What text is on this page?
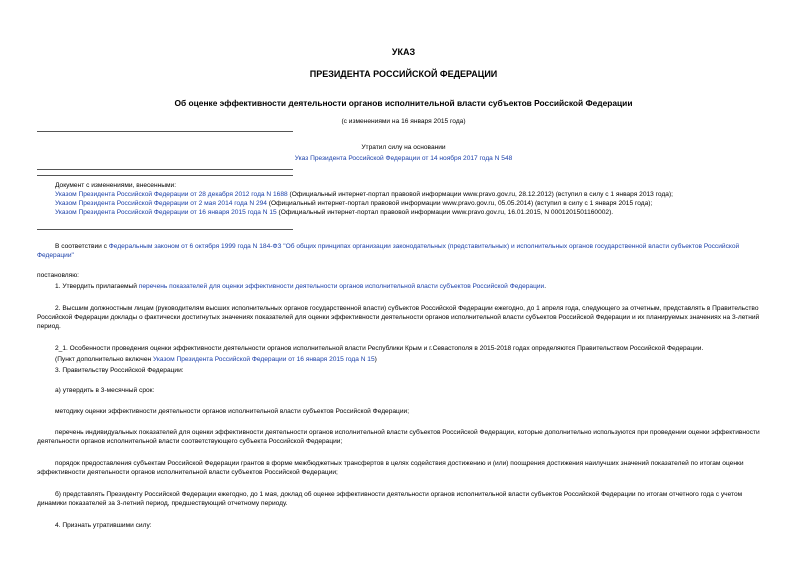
УКАЗ
ПРЕЗИДЕНТА РОССИЙСКОЙ ФЕДЕРАЦИИ
Об оценке эффективности деятельности органов исполнительной власти субъектов Российской Федерации
(с изменениями на 16 января 2015 года)
Утратил силу на основании
Указ Президента Российской Федерации от 14 ноября 2017 года N 548
Документ с изменениями, внесенными:
Указом Президента Российской Федерации от 28 декабря 2012 года N 1688 (Официальный интернет-портал правовой информации www.pravo.gov.ru, 28.12.2012) (вступил в силу с 1 января 2013 года);
Указом Президента Российской Федерации от 2 мая 2014 года N 294 (Официальный интернет-портал правовой информации www.pravo.gov.ru, 05.05.2014) (вступил в силу с 1 января 2015 года);
Указом Президента Российской Федерации от 16 января 2015 года N 15 (Официальный интернет-портал правовой информации www.pravo.gov.ru, 16.01.2015, N 0001201501160002).
В соответствии с Федеральным законом от 6 октября 1999 года N 184-ФЗ "Об общих принципах организации законодательных (представительных) и исполнительных органов государственной власти субъектов Российской Федерации"
постановляю:
1. Утвердить прилагаемый перечень показателей для оценки эффективности деятельности органов исполнительной власти субъектов Российской Федерации.
2. Высшим должностным лицам (руководителям высших исполнительных органов государственной власти) субъектов Российской Федерации ежегодно, до 1 апреля года, следующего за отчетным, представлять в Правительство Российской Федерации доклады о фактически достигнутых значениях показателей для оценки эффективности деятельности органов исполнительной власти субъектов Российской Федерации и их планируемых значениях на 3-летний период.
2_1. Особенности проведения оценки эффективности деятельности органов исполнительной власти Республики Крым и г.Севастополя в 2015-2018 годах определяются Правительством Российской Федерации.
(Пункт дополнительно включен Указом Президента Российской Федерации от 16 января 2015 года N 15)
3. Правительству Российской Федерации:
а) утвердить в 3-месячный срок:
методику оценки эффективности деятельности органов исполнительной власти субъектов Российской Федерации;
перечень индивидуальных показателей для оценки эффективности деятельности органов исполнительной власти субъектов Российской Федерации, которые дополнительно используются при проведении оценки эффективности деятельности органов исполнительной власти соответствующего субъекта Российской Федерации;
порядок предоставления субъектам Российской Федерации грантов в форме межбюджетных трансфертов в целях содействия достижению и (или) поощрения достижения наилучших значений показателей по итогам оценки эффективности деятельности органов исполнительной власти субъектов Российской Федерации;
б) представлять Президенту Российской Федерации ежегодно, до 1 мая, доклад об оценке эффективности деятельности органов исполнительной власти субъектов Российской Федерации по итогам отчетного года с учетом динамики показателей за 3-летний период, предшествующий отчетному периоду.
4. Признать утратившими силу:
